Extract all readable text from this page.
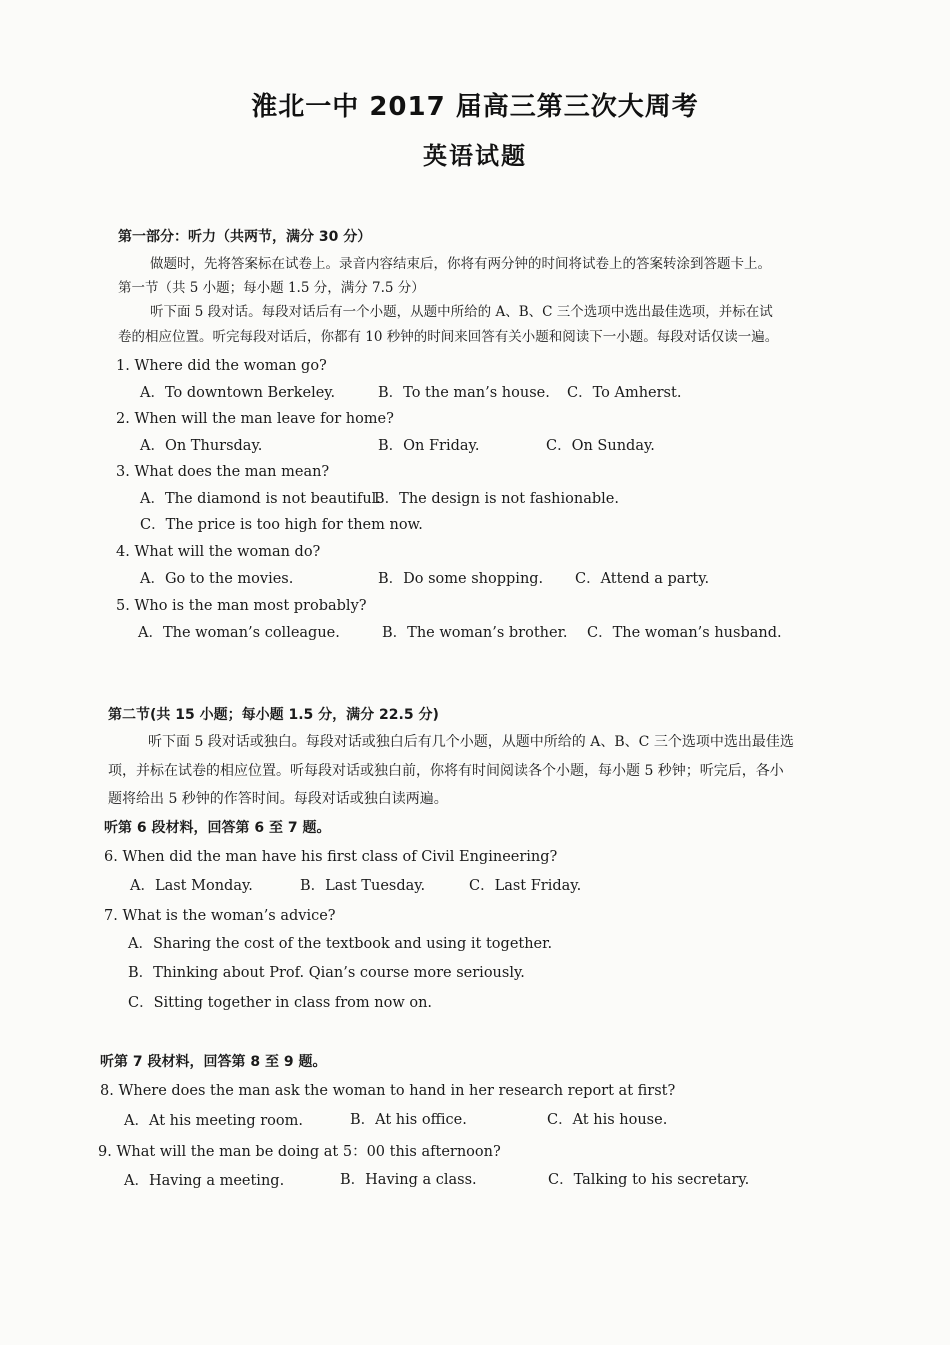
淮北一中 2017 届高三第三次大周考
英语试题
第一部分：听力（共两节，满分 30 分）
做题时，先将答案标在试卷上。录音内容结束后，你将有两分钟的时间将试卷上的答案转涂到答题卡上。
第一节（共 5 小题；每小题 1.5 分，满分 7.5 分）
听下面 5 段对话。每段对话后有一个小题，从题中所给的 A、B、C 三个选项中选出最佳选项，并标在试
卷的相应位置。听完每段对话后，你都有 10 秒钟的时间来回答有关小题和阅读下一小题。每段对话仅读一遍。
1. Where did the woman go?
A．To downtown Berkeley.	B．To the man’s house. C．To Amherst.
2. When will the man leave for home?
A．On Thursday.	B．On Friday.	C．On Sunday.
3. What does the man mean?
A．The diamond is not beautiful.
B．The design is not fashionable.
C．The price is too high for them now.
4. What will the woman do?
A．Go to the movies.	B．Do some shopping. C．Attend a party.
5. Who is the man most probably?
A．The woman’s colleague.	B．The woman’s brother. C．The woman’s husband.
第二节(共 15 小题；每小题 1.5 分，满分 22.5 分)
听下面 5 段对话或独白。每段对话或独白后有几个小题，从题中所给的 A、B、C 三个选项中选出最佳选
项，并标在试卷的相应位置。听每段对话或独白前，你将有时间阅读各个小题，每小题 5 秒钟；听完后，各小
题将给出 5 秒钟的作答时间。每段对话或独白读两遍。
听第 6 段材料，回答第 6 至 7 题。
6. When did the man have his first class of Civil Engineering?
A．Last Monday.	B．Last Tuesday.	C．Last Friday.
7. What is the woman’s advice?
A．Sharing the cost of the textbook and using it together.
B．Thinking about Prof. Qian’s course more seriously.
C．Sitting together in class from now on.
听第 7 段材料，回答第 8 至 9 题。
8. Where does the man ask the woman to hand in her research report at first?
A．At his meeting room.	B．At his office.	C．At his house.
9. What will the man be doing at 5：00 this afternoon?
A．Having a meeting.	B．Having a class.	C．Talking to his secretary.
